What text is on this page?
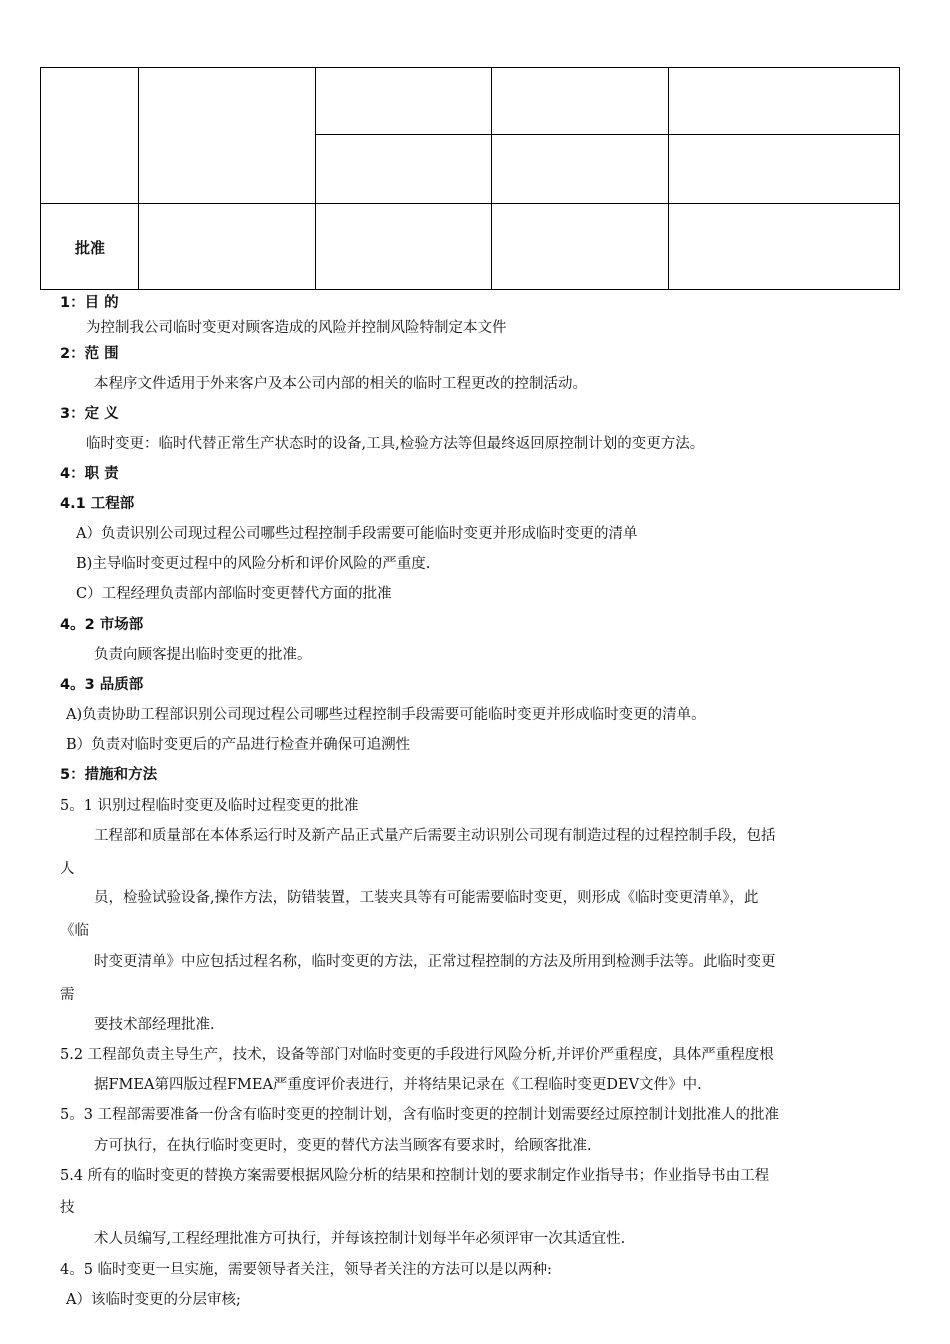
批准
1：目 的
为控制我公司临时变更对顾客造成的风险并控制风险特制定本文件
2：范 围
本程序文件适用于外来客户及本公司内部的相关的临时工程更改的控制活动。
3：定 义
临时变更：临时代替正常生产状态时的设备,工具,检验方法等但最终返回原控制计划的变更方法。
4：职 责
4.1 工程部
A）负责识别公司现过程公司哪些过程控制手段需要可能临时变更并形成临时变更的清单
B)主导临时变更过程中的风险分析和评价风险的严重度.
C）工程经理负责部内部临时变更替代方面的批准
4。2 市场部
负责向顾客提出临时变更的批准。
4。3 品质部
A)负责协助工程部识别公司现过程公司哪些过程控制手段需要可能临时变更并形成临时变更的清单。
B）负责对临时变更后的产品进行检查并确保可追溯性
5：措施和方法
5。1 识别过程临时变更及临时过程变更的批准
工程部和质量部在本体系运行时及新产品正式量产后需要主动识别公司现有制造过程的过程控制手段，包括
人
员，检验试验设备,操作方法，防错装置，工装夹具等有可能需要临时变更，则形成《临时变更清单》，此
《临
时变更清单》中应包括过程名称，临时变更的方法，正常过程控制的方法及所用到检测手法等。此临时变更
需
要技术部经理批准.
5.2 工程部负责主导生产，技术，设备等部门对临时变更的手段进行风险分析,并评价严重程度，具体严重程度根
据FMEA第四版过程FMEA严重度评价表进行，并将结果记录在《工程临时变更DEV文件》中.
5。3 工程部需要准备一份含有临时变更的控制计划，含有临时变更的控制计划需要经过原控制计划批准人的批准
方可执行，在执行临时变更时，变更的替代方法当顾客有要求时，给顾客批准.
5.4 所有的临时变更的替换方案需要根据风险分析的结果和控制计划的要求制定作业指导书；作业指导书由工程
技
术人员编写,工程经理批准方可执行，并每该控制计划每半年必须评审一次其适宜性.
4。5 临时变更一旦实施，需要领导者关注，领导者关注的方法可以是以两种:
A）该临时变更的分层审核;
